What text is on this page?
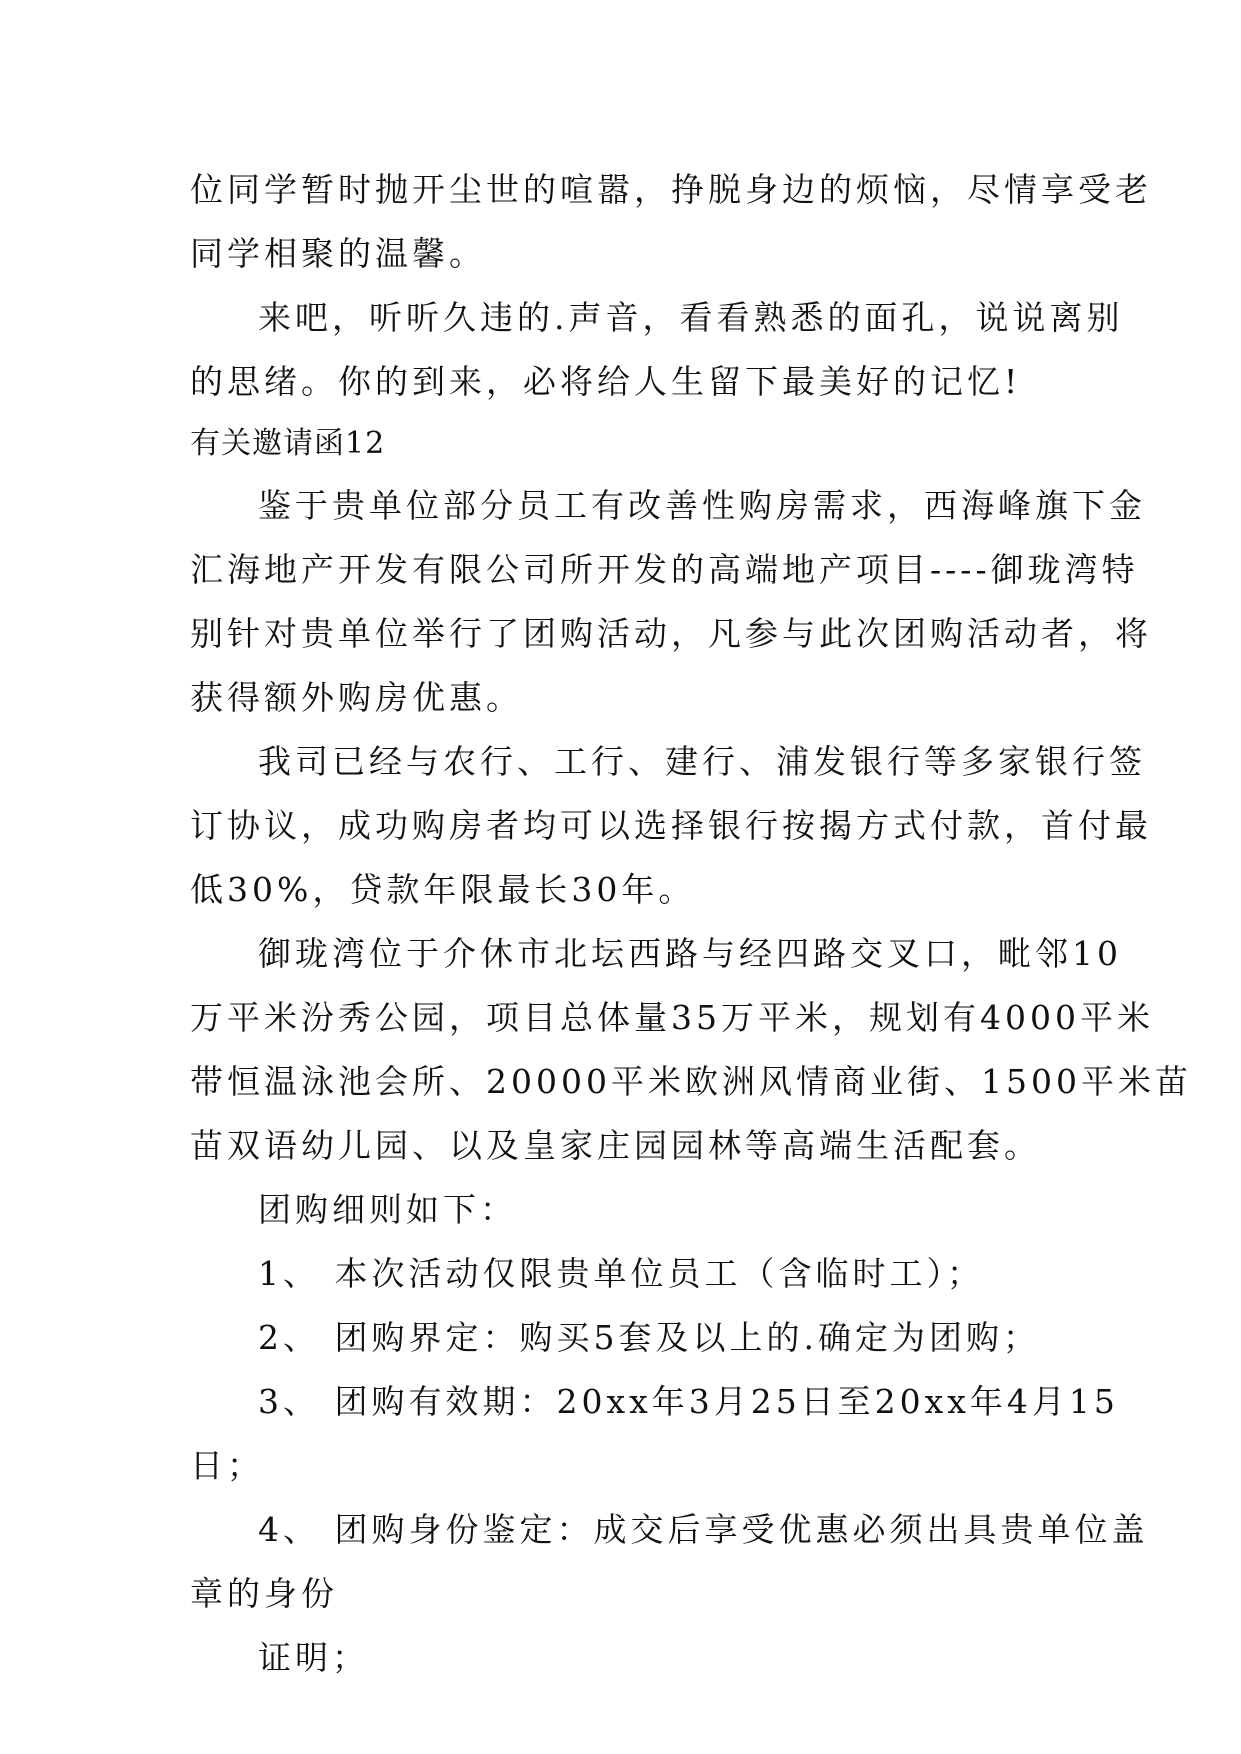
位同学暂时抛开尘世的喧嚣，挣脱身边的烦恼，尽情享受老
同学相聚的温馨。
来吧，听听久违的.声音，看看熟悉的面孔，说说离别
的思绪。你的到来，必将给人生留下最美好的记忆!
有关邀请函12
鉴于贵单位部分员工有改善性购房需求，西海峰旗下金
汇海地产开发有限公司所开发的高端地产项目----御珑湾特
别针对贵单位举行了团购活动，凡参与此次团购活动者，将
获得额外购房优惠。
我司已经与农行、工行、建行、浦发银行等多家银行签
订协议，成功购房者均可以选择银行按揭方式付款，首付最
低30%，贷款年限最长30年。
御珑湾位于介休市北坛西路与经四路交叉口，毗邻10
万平米汾秀公园，项目总体量35万平米，规划有4000平米
带恒温泳池会所、20000平米欧洲风情商业街、1500平米苗
苗双语幼儿园、以及皇家庄园园林等高端生活配套。
团购细则如下：
1、 本次活动仅限贵单位员工（含临时工）；
2、 团购界定：购买5套及以上的.确定为团购；
3、 团购有效期：20xx年3月25日至20xx年4月15
日；
4、 团购身份鉴定：成交后享受优惠必须出具贵单位盖
章的身份
证明；
